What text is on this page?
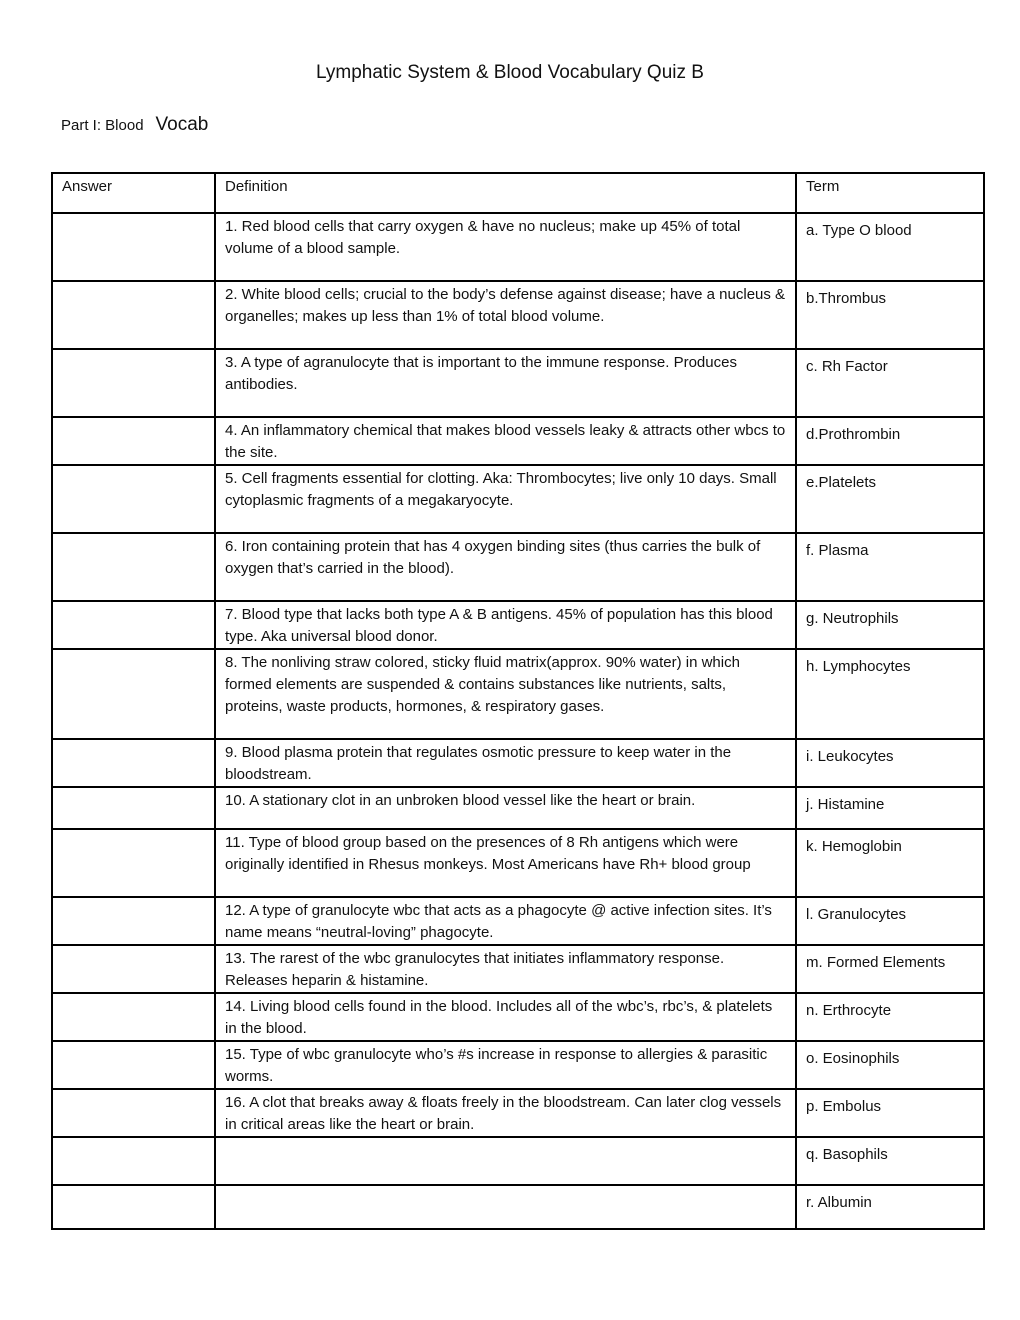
Lymphatic System & Blood Vocabulary Quiz B
Part I: Blood Vocab
Answer	Definition	Term
	1. Red blood cells that carry oxygen & have no nucleus; make up 45% of total volume of a blood sample.	a. Type O blood
	2. White blood cells; crucial to the body’s defense against disease; have a nucleus & organelles; makes up less than 1% of total blood volume.	b.Thrombus
	3. A type of agranulocyte that is important to the immune response. Produces antibodies.	c. Rh Factor
	4. An inflammatory chemical that makes blood vessels leaky & attracts other wbcs to the site.	d.Prothrombin
	5. Cell fragments essential for clotting. Aka: Thrombocytes; live only 10 days. Small cytoplasmic fragments of a megakaryocyte.	e.Platelets
	6. Iron containing protein that has 4 oxygen binding sites (thus carries the bulk of oxygen that’s carried in the blood).	f. Plasma
	7. Blood type that lacks both type A & B antigens. 45% of population has this blood type. Aka universal blood donor.	g. Neutrophils
	8. The nonliving straw colored, sticky fluid matrix(approx. 90% water) in which formed elements are suspended & contains substances like nutrients, salts, proteins, waste products, hormones, & respiratory gases.	h. Lymphocytes
	9. Blood plasma protein that regulates osmotic pressure to keep water in the bloodstream.	i. Leukocytes
	10. A stationary clot in an unbroken blood vessel like the heart or brain.	j. Histamine
	11. Type of blood group based on the presences of 8 Rh antigens which were originally identified in Rhesus monkeys. Most Americans have Rh+ blood group	k. Hemoglobin
	12. A type of granulocyte wbc that acts as a phagocyte @ active infection sites. It’s name means “neutral-loving” phagocyte.	l. Granulocytes
	13. The rarest of the wbc granulocytes that initiates inflammatory response. Releases heparin & histamine.	m. Formed Elements
	14. Living blood cells found in the blood. Includes all of the wbc’s, rbc’s, & platelets in the blood.	n. Erthrocyte
	15. Type of wbc granulocyte who’s #s increase in response to allergies & parasitic worms.	o. Eosinophils
	16. A clot that breaks away & floats freely in the bloodstream. Can later clog vessels in critical areas like the heart or brain.	p. Embolus
		q. Basophils
		r. Albumin
